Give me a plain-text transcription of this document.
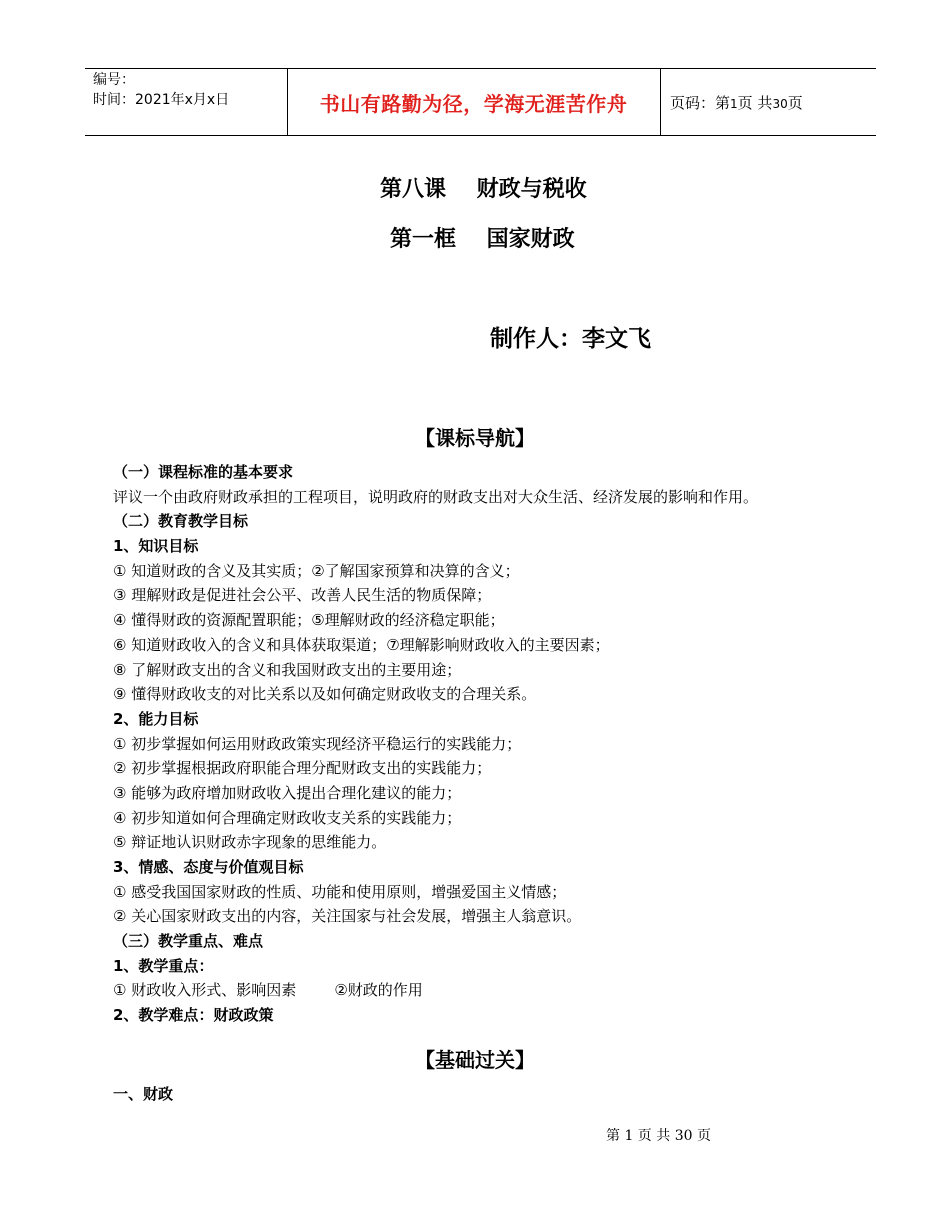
编号：
时间：2021年x月x日	书山有路勤为径，学海无涯苦作舟	页码：第1页 共30页
第八课    财政与税收
第一框    国家财政
制作人：李文飞
【课标导航】
（一）课程标准的基本要求
评议一个由政府财政承担的工程项目，说明政府的财政支出对大众生活、经济发展的影响和作用。
（二）教育教学目标
1、知识目标
① 知道财政的含义及其实质；②了解国家预算和决算的含义；
③ 理解财政是促进社会公平、改善人民生活的物质保障；
④ 懂得财政的资源配置职能；⑤理解财政的经济稳定职能；
⑥ 知道财政收入的含义和具体获取渠道；⑦理解影响财政收入的主要因素；
⑧ 了解财政支出的含义和我国财政支出的主要用途；
⑨ 懂得财政收支的对比关系以及如何确定财政收支的合理关系。
2、能力目标
① 初步掌握如何运用财政政策实现经济平稳运行的实践能力；
② 初步掌握根据政府职能合理分配财政支出的实践能力；
③ 能够为政府增加财政收入提出合理化建议的能力；
④ 初步知道如何合理确定财政收支关系的实践能力；
⑤ 辩证地认识财政赤字现象的思维能力。
3、情感、态度与价值观目标
① 感受我国国家财政的性质、功能和使用原则，增强爱国主义情感；
② 关心国家财政支出的内容，关注国家与社会发展，增强主人翁意识。
（三）教学重点、难点
1、教学重点：
① 财政收入形式、影响因素        ②财政的作用
2、教学难点：财政政策
【基础过关】
一、财政
第 1 页 共 30 页
